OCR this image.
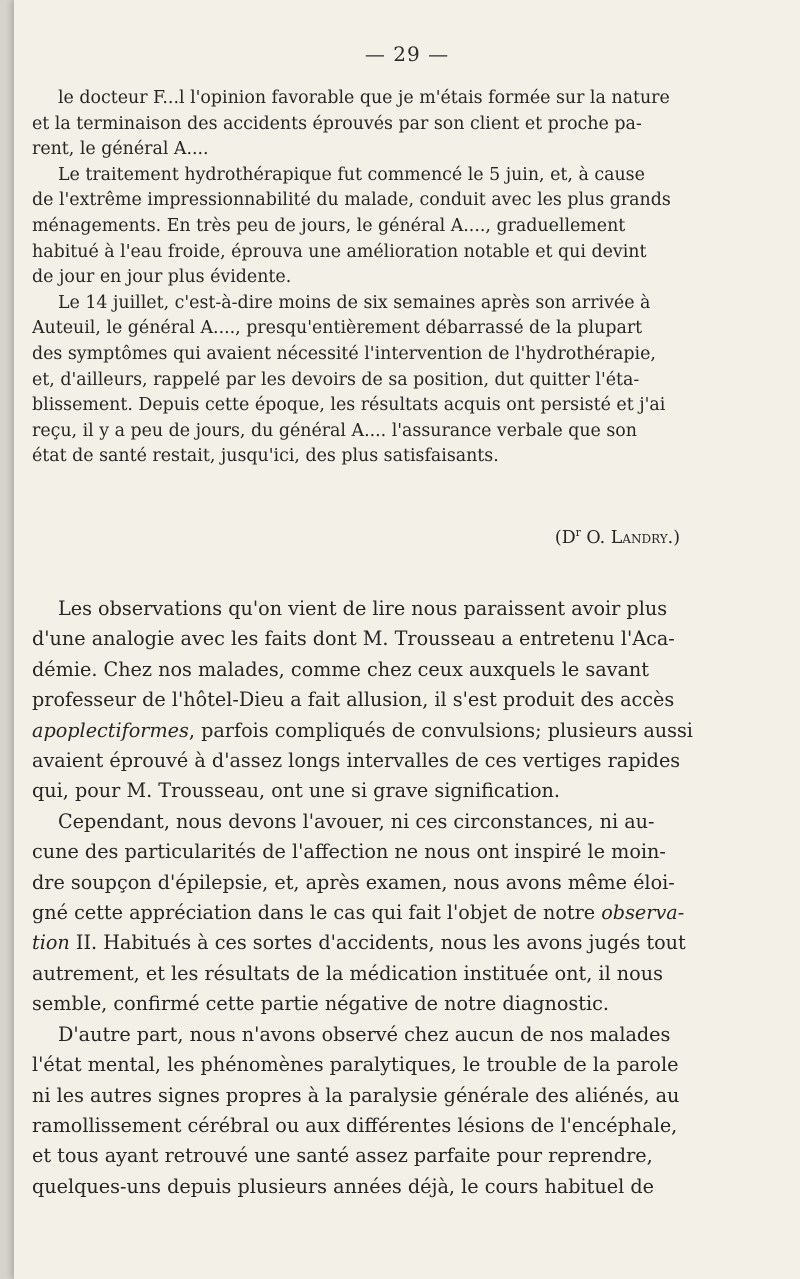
— 29 —
le docteur F...l l'opinion favorable que je m'étais formée sur la nature
et la terminaison des accidents éprouvés par son client et proche pa-
rent, le général A....
Le traitement hydrothérapique fut commencé le 5 juin, et, à cause
de l'extrême impressionnabilité du malade, conduit avec les plus grands
ménagements. En très peu de jours, le général A...., graduellement
habitué à l'eau froide, éprouva une amélioration notable et qui devint
de jour en jour plus évidente.
Le 14 juillet, c'est-à-dire moins de six semaines après son arrivée à
Auteuil, le général A...., presqu'entièrement débarrassé de la plupart
des symptômes qui avaient nécessité l'intervention de l'hydrothérapie,
et, d'ailleurs, rappelé par les devoirs de sa position, dut quitter l'éta-
blissement. Depuis cette époque, les résultats acquis ont persisté et j'ai
reçu, il y a peu de jours, du général A.... l'assurance verbale que son
état de santé restait, jusqu'ici, des plus satisfaisants.
($D^r$ O. Landry.)
Les observations qu'on vient de lire nous paraissent avoir plus
d'une analogie avec les faits dont M. Trousseau a entretenu l'Aca-
démie. Chez nos malades, comme chez ceux auxquels le savant
professeur de l'hôtel-Dieu a fait allusion, il s'est produit des accès
apoplectiformes, parfois compliqués de convulsions; plusieurs aussi
avaient éprouvé à d'assez longs intervalles de ces vertiges rapides
qui, pour M. Trousseau, ont une si grave signification.
Cependant, nous devons l'avouer, ni ces circonstances, ni au-
cune des particularités de l'affection ne nous ont inspiré le moin-
dre soupçon d'épilepsie, et, après examen, nous avons même éloi-
gné cette appréciation dans le cas qui fait l'objet de notre observa-
tion II. Habitués à ces sortes d'accidents, nous les avons jugés tout
autrement, et les résultats de la médication instituée ont, il nous
semble, confirmé cette partie négative de notre diagnostic.
D'autre part, nous n'avons observé chez aucun de nos malades
l'état mental, les phénomènes paralytiques, le trouble de la parole
ni les autres signes propres à la paralysie générale des aliénés, au
ramollissement cérébral ou aux différentes lésions de l'encéphale,
et tous ayant retrouvé une santé assez parfaite pour reprendre,
quelques-uns depuis plusieurs années déjà, le cours habituel de
